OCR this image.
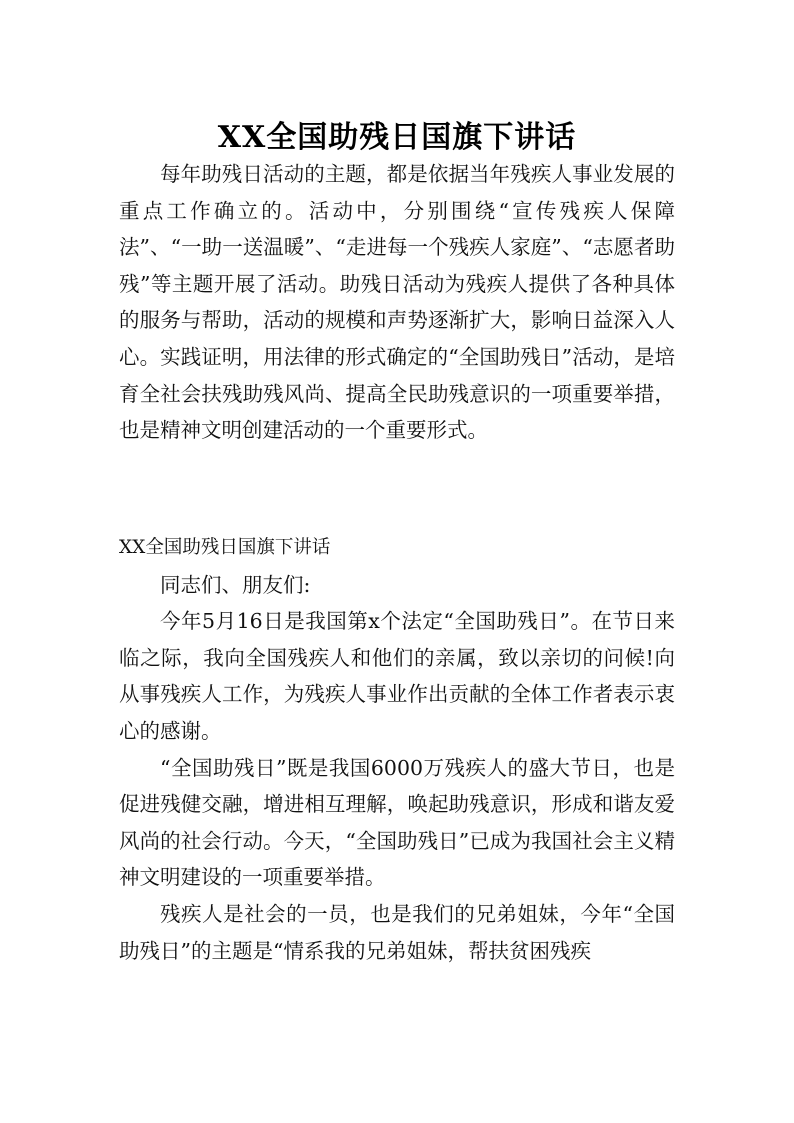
XX全国助残日国旗下讲话

每年助残日活动的主题，都是依据当年残疾人事业发展的重点工作确立的。活动中，分别围绕“宣传残疾人保障法”、“一助一送温暖”、“走进每一个残疾人家庭”、“志愿者助残”等主题开展了活动。助残日活动为残疾人提供了各种具体的服务与帮助，活动的规模和声势逐渐扩大，影响日益深入人心。实践证明，用法律的形式确定的“全国助残日”活动，是培育全社会扶残助残风尚、提高全民助残意识的一项重要举措，也是精神文明创建活动的一个重要形式。

XX全国助残日国旗下讲话

同志们、朋友们:

今年5月16日是我国第x个法定“全国助残日”。在节日来临之际，我向全国残疾人和他们的亲属，致以亲切的问候!向从事残疾人工作，为残疾人事业作出贡献的全体工作者表示衷心的感谢。

“全国助残日”既是我国6000万残疾人的盛大节日，也是促进残健交融，增进相互理解，唤起助残意识，形成和谐友爱风尚的社会行动。今天，“全国助残日”已成为我国社会主义精神文明建设的一项重要举措。

残疾人是社会的一员，也是我们的兄弟姐妹，今年“全国助残日”的主题是“情系我的兄弟姐妹，帮扶贫困残疾
